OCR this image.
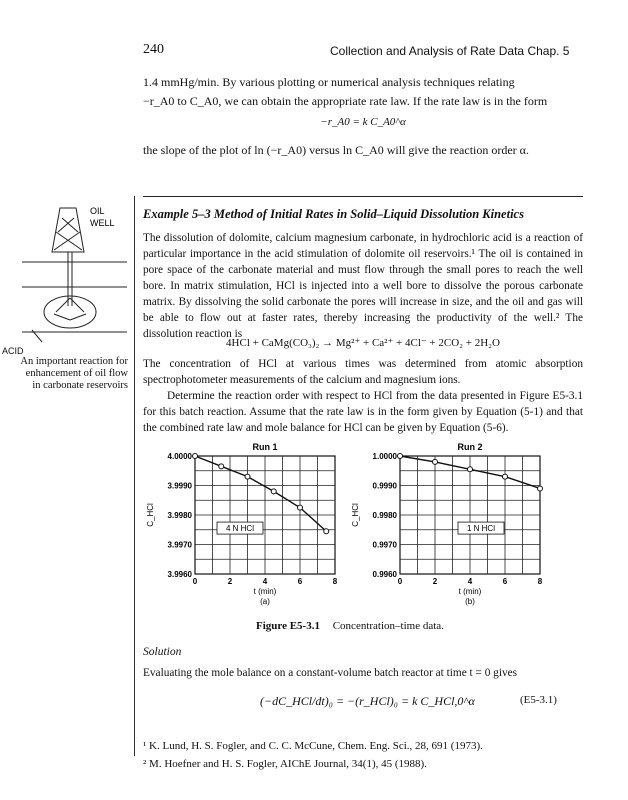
240	Collection and Analysis of Rate Data Chap. 5
1.4 mmHg/min. By various plotting or numerical analysis techniques relating
−r_A0 to C_A0, we can obtain the appropriate rate law. If the rate law is in the form
−r_A0 = k C_A0^α
the slope of the plot of ln (−r_A0) versus ln C_A0 will give the reaction order α.
Example 5–3 Method of Initial Rates in Solid–Liquid Dissolution Kinetics
OIL
WELL
ACID
An important reaction for enhancement of oil flow in carbonate reservoirs
The dissolution of dolomite, calcium magnesium carbonate, in hydrochloric acid is a reaction of particular importance in the acid stimulation of dolomite oil reservoirs.¹ The oil is contained in pore space of the carbonate material and must flow through the small pores to reach the well bore. In matrix stimulation, HCl is injected into a well bore to dissolve the porous carbonate matrix. By dissolving the solid carbonate the pores will increase in size, and the oil and gas will be able to flow out at faster rates, thereby increasing the productivity of the well.² The dissolution reaction is
4HCl + CaMg(CO₃)₂ → Mg²⁺ + Ca²⁺ + 4Cl⁻ + 2CO₂ + 2H₂O
The concentration of HCl at various times was determined from atomic absorption spectrophotometer measurements of the calcium and magnesium ions.
Determine the reaction order with respect to HCl from the data presented in Figure E5-3.1 for this batch reaction. Assume that the rate law is in the form given by Equation (5-1) and that the combined rate law and mole balance for HCl can be given by Equation (5-6).
Run 1
4.0000
3.9990
3.9980
3.9970
3.9960
0	2	4	6	8
t (min)
(a)
C_HCl
4 N HCl
Run 2
1.0000
0.9990
0.9980
0.9970
0.9960
0	2	4	6	8
t (min)
(b)
C_HCl
1 N HCl
Figure E5-3.1 Concentration–time data.
Solution
Evaluating the mole balance on a constant-volume batch reactor at time t = 0 gives
(−dC_HCl/dt)₀ = −(r_HCl)₀ = k C_HCl,0^α	(E5-3.1)
¹ K. Lund, H. S. Fogler, and C. C. McCune, Chem. Eng. Sci., 28, 691 (1973).
² M. Hoefner and H. S. Fogler, AIChE Journal, 34(1), 45 (1988).
